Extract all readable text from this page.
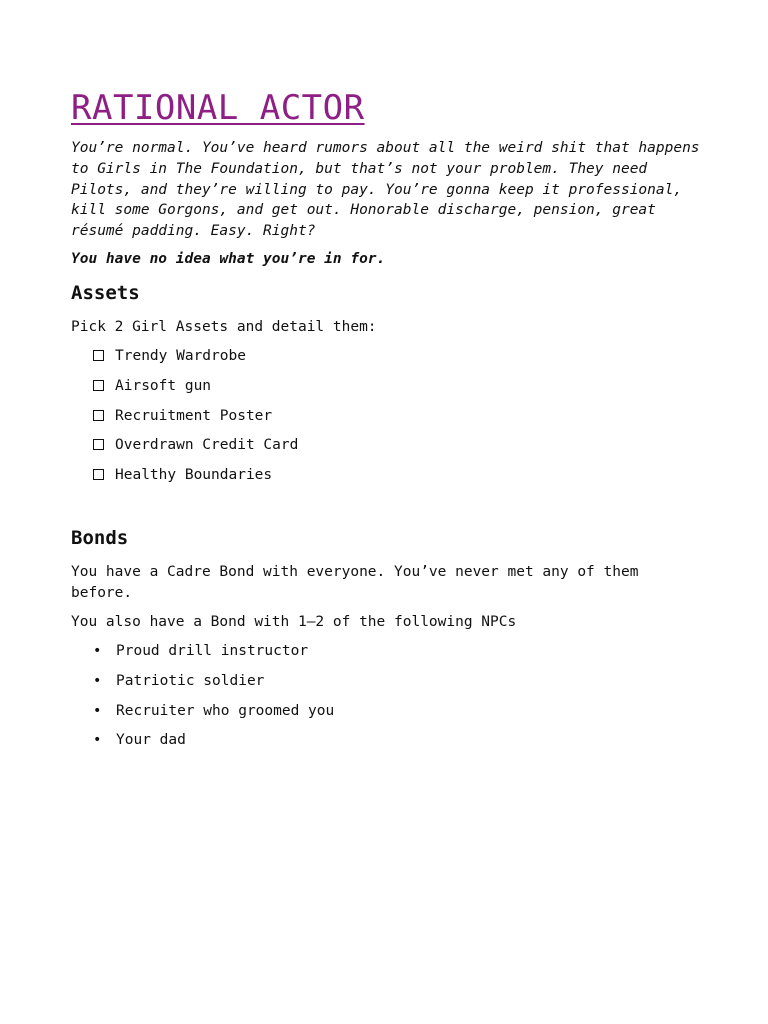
RATIONAL ACTOR

You’re normal. You’ve heard rumors about all the weird shit that happens to Girls in The Foundation, but that’s not your problem. They need Pilots, and they’re willing to pay. You’re gonna keep it professional, kill some Gorgons, and get out. Honorable discharge, pension, great résumé padding. Easy. Right?

You have no idea what you’re in for.

Assets

Pick 2 Girl Assets and detail them:

Trendy Wardrobe
Airsoft gun
Recruitment Poster
Overdrawn Credit Card
Healthy Boundaries
Bonds

You have a Cadre Bond with everyone. You’ve never met any of them before.

You also have a Bond with 1–2 of the following NPCs

•	Proud drill instructor
•	Patriotic soldier
•	Recruiter who groomed you
•	Your dad
